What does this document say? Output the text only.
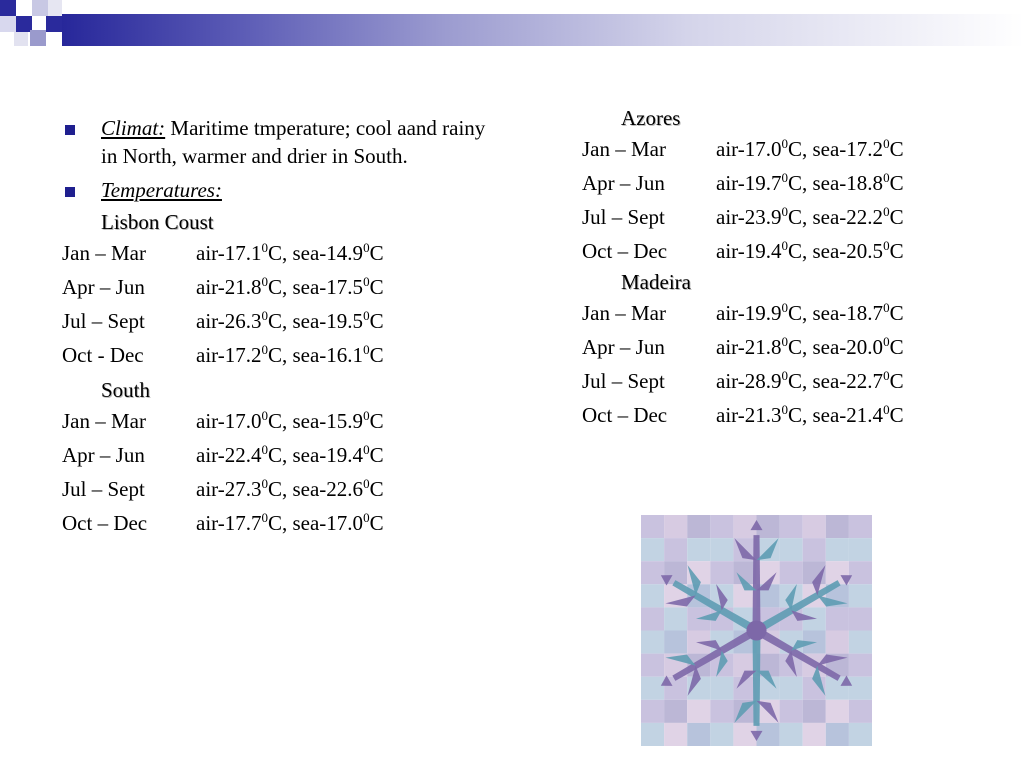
Climat: Maritime tmperature; cool aand rainy in North, warmer and drier in South.
Temperatures:
Lisbon Coust
Jan – Mar air-17.1$^0$C, sea-14.9$^0$C
Apr – Jun air-21.8$^0$C, sea-17.5$^0$C
Jul – Sept air-26.3$^0$C, sea-19.5$^0$C
Oct - Dec air-17.2$^0$C, sea-16.1$^0$C
South
Jan – Mar air-17.0$^0$C, sea-15.9$^0$C
Apr – Jun air-22.4$^0$C, sea-19.4$^0$C
Jul – Sept air-27.3$^0$C, sea-22.6$^0$C
Oct – Dec air-17.7$^0$C, sea-17.0$^0$C
Azores
Jan – Mar air-17.0$^0$C, sea-17.2$^0$C
Apr – Jun air-19.7$^0$C, sea-18.8$^0$C
Jul – Sept air-23.9$^0$C, sea-22.2$^0$C
Oct – Dec air-19.4$^0$C, sea-20.5$^0$C
Madeira
Jan – Mar air-19.9$^0$C, sea-18.7$^0$C
Apr – Jun air-21.8$^0$C, sea-20.0$^0$C
Jul – Sept air-28.9$^0$C, sea-22.7$^0$C
Oct – Dec air-21.3$^0$C, sea-21.4$^0$C
